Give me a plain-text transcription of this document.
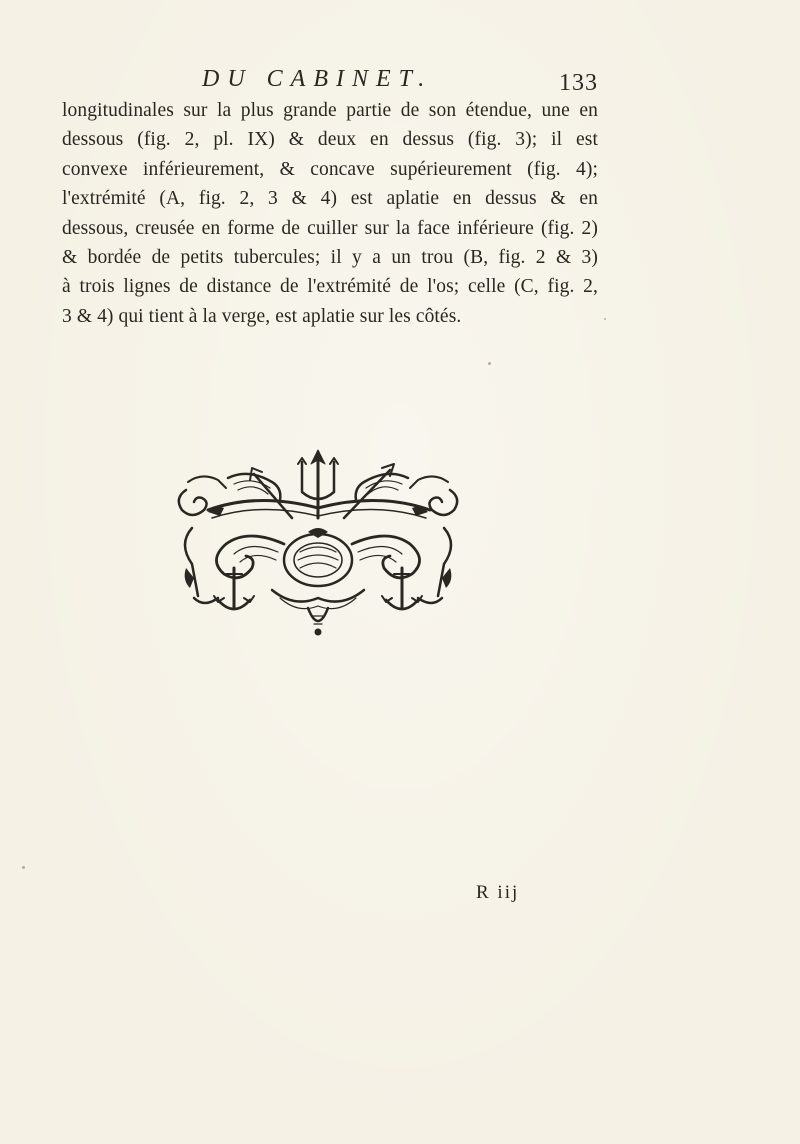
DU CABINET.	133
longitudinales sur la plus grande partie de son étendue, une en
dessous (fig. 2, pl. IX) & deux en dessus (fig. 3); il est
convexe inférieurement, & concave supérieurement (fig. 4);
l'extrémité (A, fig. 2, 3 & 4) est aplatie en dessus & en
dessous, creusée en forme de cuiller sur la face inférieure (fig. 2)
& bordée de petits tubercules; il y a un trou (B, fig. 2 & 3)
à trois lignes de distance de l'extrémité de l'os; celle (C, fig. 2,
3 & 4) qui tient à la verge, est aplatie sur les côtés.
R iij
